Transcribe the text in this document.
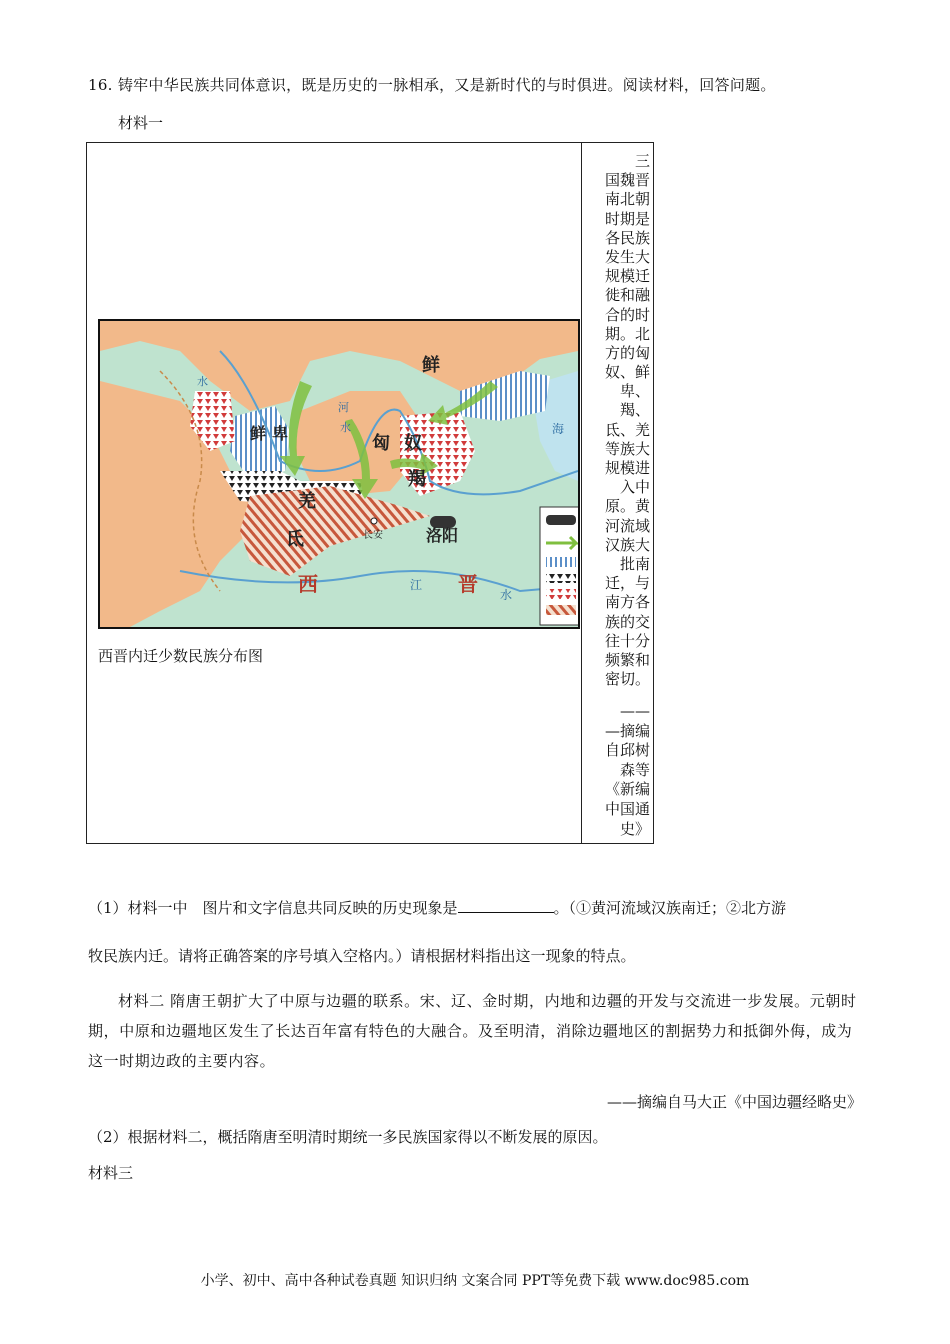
16. 铸牢中华民族共同体意识，既是历史的一脉相承，又是新时代的与时俱进。阅读材料，回答问题。
材料一
鲜
鲜 卑	匈 奴
羯
羌
氐	长安	洛阳
西	晋
江
水
水
水
河
海
西晋内迁少数民族分布图
三
国魏晋
南北朝
时期是
各民族
发生大
规模迁
徙和融
合的时
期。北
方的匈
奴、鲜
卑、
羯、
氐、羌
等族大
规模进
入中
原。黄
河流域
汉族大
批南
迁，与
南方各
族的交
往十分
频繁和
密切。
——
—摘编
自邱树
森等
《新编
中国通
史》
（1）材料一中　图片和文字信息共同反映的历史现象是	。（①黄河流域汉族南迁；②北方游
牧民族内迁。请将正确答案的序号填入空格内。）请根据材料指出这一现象的特点。
材料二 隋唐王朝扩大了中原与边疆的联系。宋、辽、金时期，内地和边疆的开发与交流进一步发展。元朝时期，中原和边疆地区发生了长达百年富有特色的大融合。及至明清，消除边疆地区的割据势力和抵御外侮，成为这一时期边政的主要内容。
——摘编自马大正《中国边疆经略史》
（2）根据材料二，概括隋唐至明清时期统一多民族国家得以不断发展的原因。
材料三
小学、初中、高中各种试卷真题 知识归纳 文案合同 PPT等免费下载 www.doc985.com
